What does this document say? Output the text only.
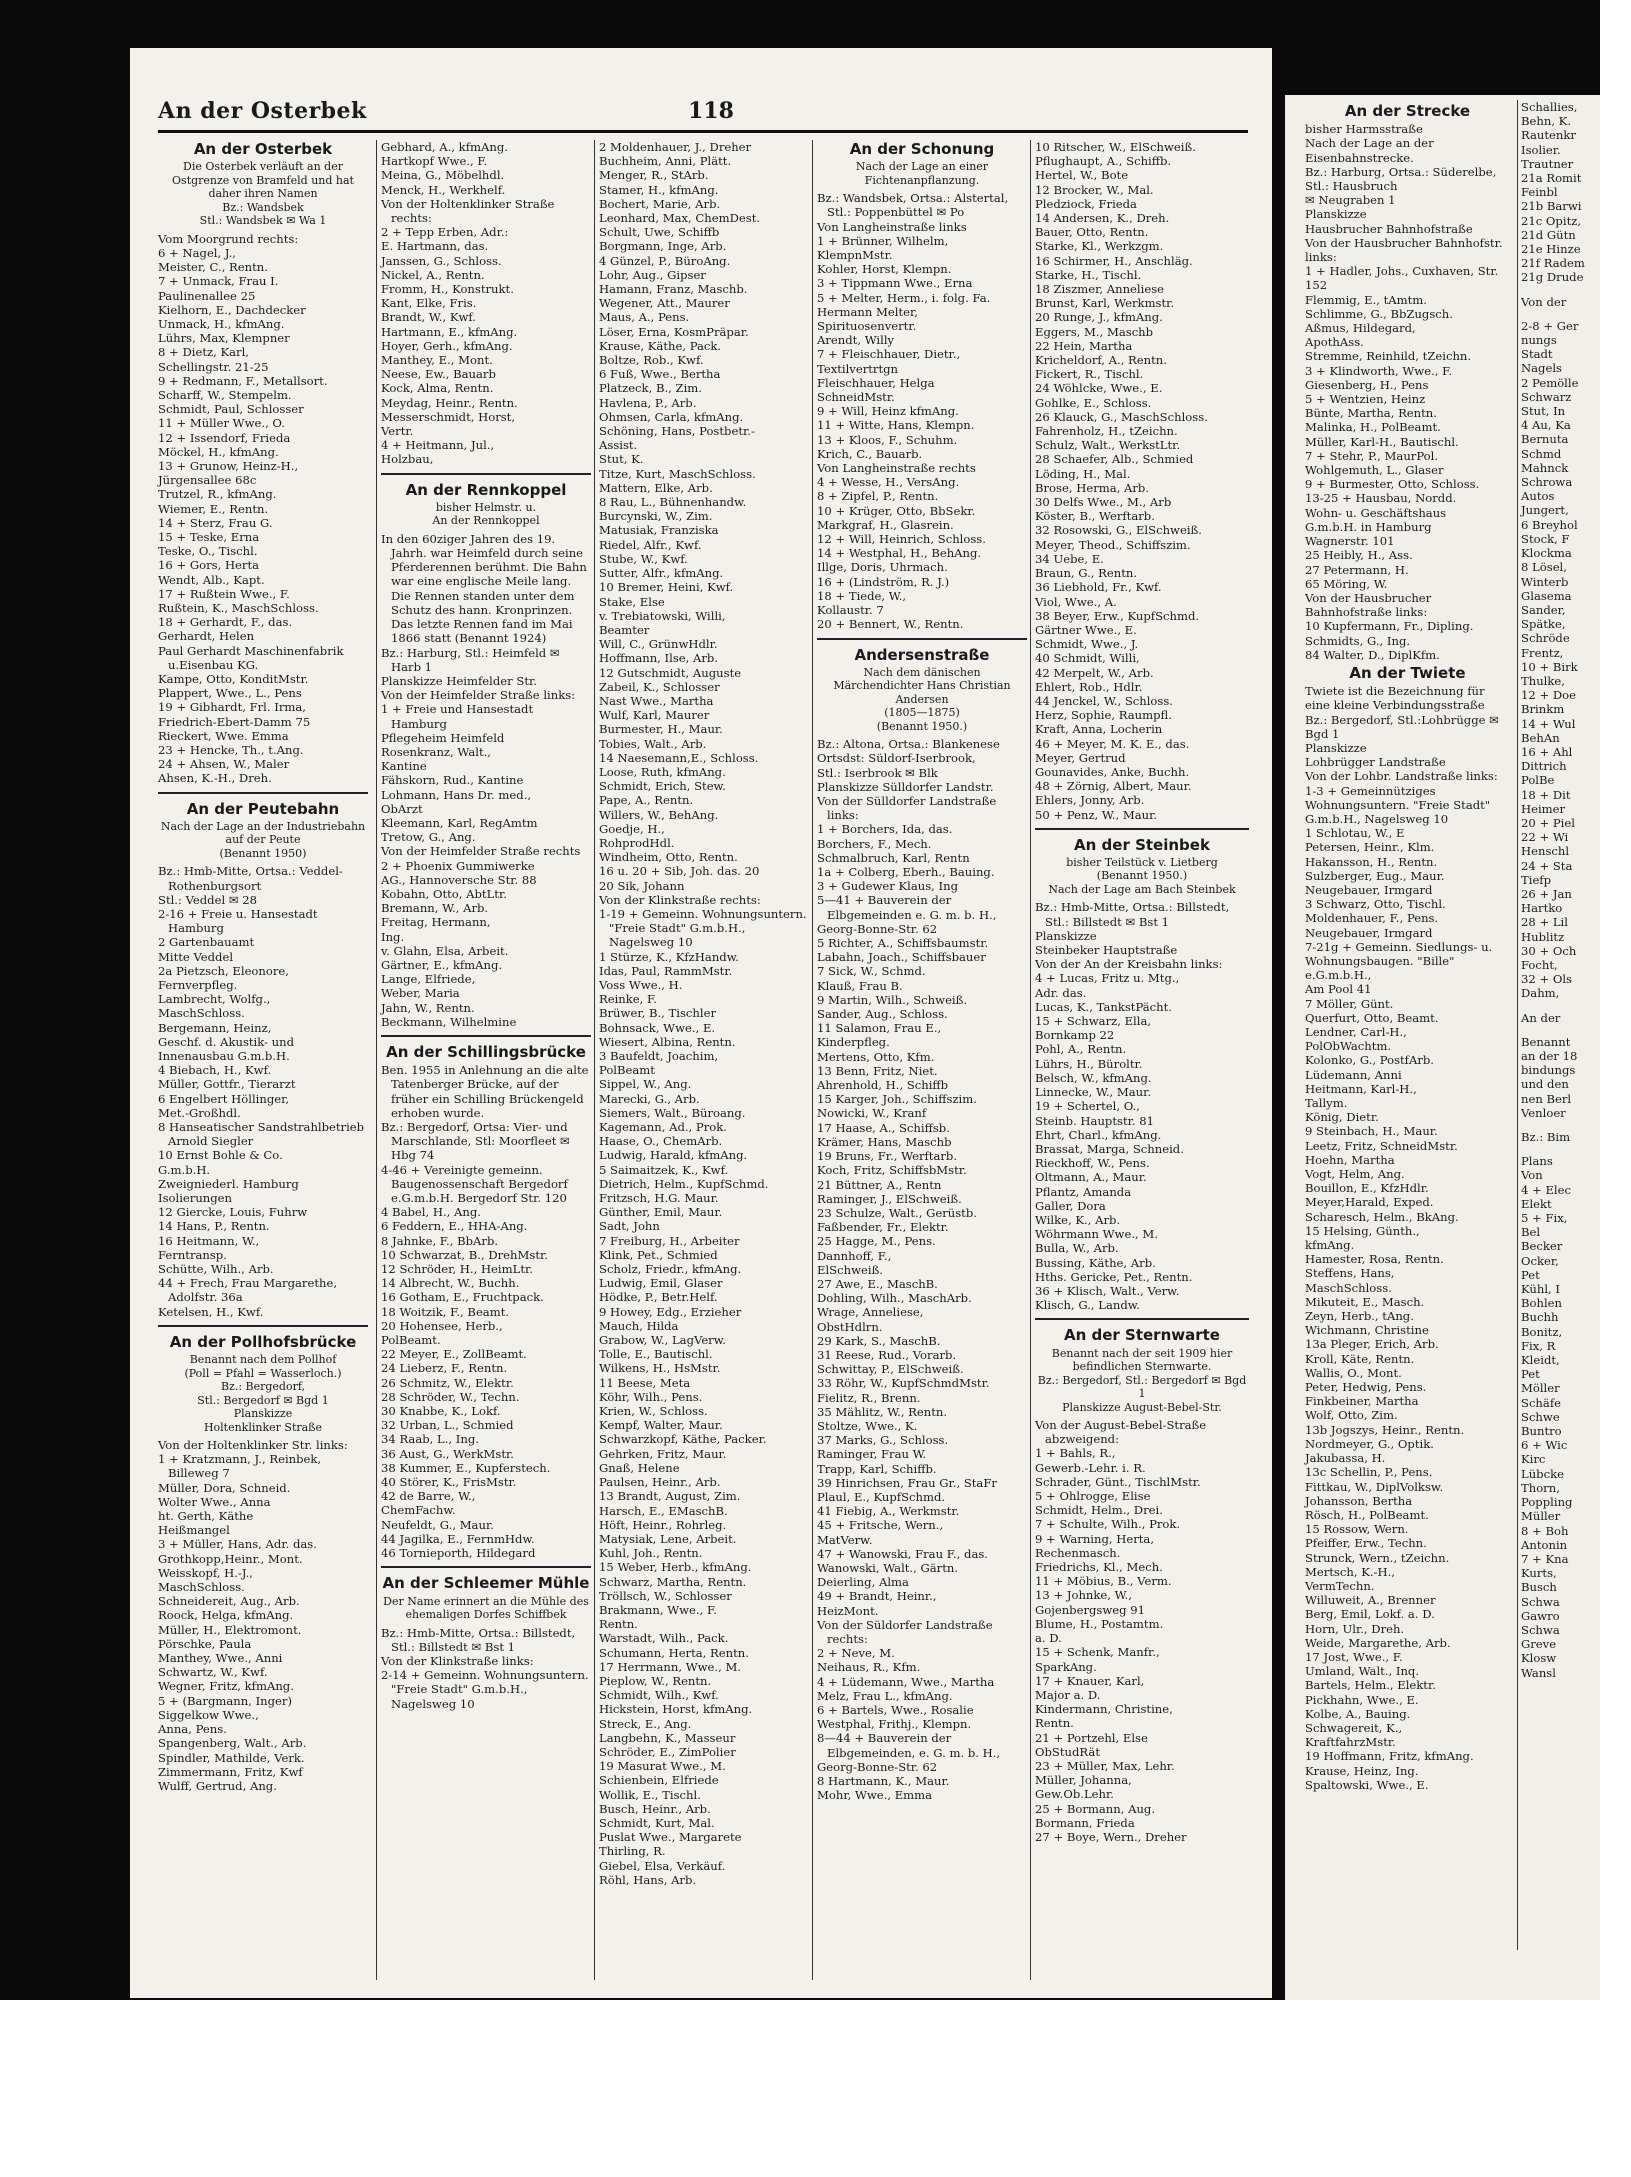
An der Osterbek	118
An der Osterbek
Die Osterbek verläuft an der Ostgrenze von Bramfeld und hat daher ihren Namen
Bz.: Wandsbek
Stl.: Wandsbek ✉ Wa 1
Vom Moorgrund rechts:
6 + Nagel, J.,
Meister, C., Rentn.
7 + Unmack, Frau I.
Paulinenallee 25
Kielhorn, E., Dachdecker
Unmack, H., kfmAng.
Lührs, Max, Klempner
8 + Dietz, Karl,
Schellingstr. 21-25
9 + Redmann, F., Metallsort.
Scharff, W., Stempelm.
Schmidt, Paul, Schlosser
11 + Müller Wwe., O.
12 + Issendorf, Frieda
Möckel, H., kfmAng.
13 + Grunow, Heinz-H.,
Jürgensallee 68c
Trutzel, R., kfmAng.
Wiemer, E., Rentn.
14 + Sterz, Frau G.
15 + Teske, Erna
Teske, O., Tischl.
16 + Gors, Herta
Wendt, Alb., Kapt.
17 + Rußtein Wwe., F.
Rußtein, K., MaschSchloss.
18 + Gerhardt, F., das.
Gerhardt, Helen
Paul Gerhardt Maschinenfabrik u.Eisenbau KG.
Kampe, Otto, KonditMstr.
Plappert, Wwe., L., Pens
19 + Gibhardt, Frl. Irma,
Friedrich-Ebert-Damm 75
Rieckert, Wwe. Emma
23 + Hencke, Th., t.Ang.
24 + Ahsen, W., Maler
Ahsen, K.-H., Dreh.
An der Peutebahn
Nach der Lage an der Industriebahn auf der Peute
(Benannt 1950)
Bz.: Hmb-Mitte, Ortsa.: Veddel-Rothenburgsort
Stl.: Veddel ✉ 28
2-16 + Freie u. Hansestadt Hamburg
2 Gartenbauamt
Mitte Veddel
2a Pietzsch, Eleonore,
Fernverpfleg.
Lambrecht, Wolfg.,
MaschSchloss.
Bergemann, Heinz,
Geschf. d. Akustik- und
Innenausbau G.m.b.H.
4 Biebach, H., Kwf.
Müller, Gottfr., Tierarzt
6 Engelbert Höllinger,
Met.-Großhdl.
8 Hanseatischer Sandstrahlbetrieb Arnold Siegler
10 Ernst Bohle & Co.
G.m.b.H.
Zweigniederl. Hamburg
Isolierungen
12 Giercke, Louis, Fuhrw
14 Hans, P., Rentn.
16 Heitmann, W.,
Ferntransp.
Schütte, Wilh., Arb.
44 + Frech, Frau Margarethe, Adolfstr. 36a
Ketelsen, H., Kwf.
An der Pollhofsbrücke
Benannt nach dem Pollhof
(Poll = Pfahl = Wasserloch.)
Bz.: Bergedorf,
Stl.: Bergedorf ✉ Bgd 1
Planskizze
Holtenklinker Straße
Von der Holtenklinker Str. links:
1 + Kratzmann, J., Reinbek, Billeweg 7
Müller, Dora, Schneid.
Wolter Wwe., Anna
ht. Gerth, Käthe
Heißmangel
3 + Müller, Hans, Adr. das.
Grothkopp,Heinr., Mont.
Weisskopf, H.-J.,
MaschSchloss.
Schneidereit, Aug., Arb.
Roock, Helga, kfmAng.
Müller, H., Elektromont.
Pörschke, Paula
Manthey, Wwe., Anni
Schwartz, W., Kwf.
Wegner, Fritz, kfmAng.
5 + (Bargmann, Inger)
Siggelkow Wwe.,
Anna, Pens.
Spangenberg, Walt., Arb.
Spindler, Mathilde, Verk.
Zimmermann, Fritz, Kwf
Wulff, Gertrud, Ang.
Gebhard, A., kfmAng.
Hartkopf Wwe., F.
Meina, G., Möbelhdl.
Menck, H., Werkhelf.
Von der Holtenklinker Straße rechts:
2 + Tepp Erben, Adr.:
E. Hartmann, das.
Janssen, G., Schloss.
Nickel, A., Rentn.
Fromm, H., Konstrukt.
Kant, Elke, Fris.
Brandt, W., Kwf.
Hartmann, E., kfmAng.
Hoyer, Gerh., kfmAng.
Manthey, E., Mont.
Neese, Ew., Bauarb
Kock, Alma, Rentn.
Meydag, Heinr., Rentn.
Messerschmidt, Horst,
Vertr.
4 + Heitmann, Jul.,
Holzbau,
An der Rennkoppel
bisher Helmstr. u.
An der Rennkoppel
In den 60ziger Jahren des 19. Jahrh. war Heimfeld durch seine Pferderennen berühmt. Die Bahn war eine englische Meile lang. Die Rennen standen unter dem Schutz des hann. Kronprinzen. Das letzte Rennen fand im Mai 1866 statt (Benannt 1924)
Bz.: Harburg, Stl.: Heimfeld ✉ Harb 1
Planskizze Heimfelder Str.
Von der Heimfelder Straße links:
1 + Freie und Hansestadt Hamburg
Pflegeheim Heimfeld
Rosenkranz, Walt.,
Kantine
Fähskorn, Rud., Kantine
Lohmann, Hans Dr. med.,
ObArzt
Kleemann, Karl, RegAmtm
Tretow, G., Ang.
Von der Heimfelder Straße rechts
2 + Phoenix Gummiwerke
AG., Hannoversche Str. 88
Kobahn, Otto, AbtLtr.
Bremann, W., Arb.
Freitag, Hermann,
Ing.
v. Glahn, Elsa, Arbeit.
Gärtner, E., kfmAng.
Lange, Elfriede,
Weber, Maria
Jahn, W., Rentn.
Beckmann, Wilhelmine
An der Schillingsbrücke
Ben. 1955 in Anlehnung an die alte Tatenberger Brücke, auf der früher ein Schilling Brückengeld erhoben wurde.
Bz.: Bergedorf, Ortsa: Vier- und Marschlande, Stl: Moorfleet ✉ Hbg 74
4-46 + Vereinigte gemeinn. Baugenossenschaft Bergedorf e.G.m.b.H. Bergedorf Str. 120
4 Babel, H., Ang.
6 Feddern, E., HHA-Ang.
8 Jahnke, F., BbArb.
10 Schwarzat, B., DrehMstr.
12 Schröder, H., HeimLtr.
14 Albrecht, W., Buchh.
16 Gotham, E., Fruchtpack.
18 Woitzik, F., Beamt.
20 Hohensee, Herb.,
PolBeamt.
22 Meyer, E., ZollBeamt.
24 Lieberz, F., Rentn.
26 Schmitz, W., Elektr.
28 Schröder, W., Techn.
30 Knabbe, K., Lokf.
32 Urban, L., Schmied
34 Raab, L., Ing.
36 Aust, G., WerkMstr.
38 Kummer, E., Kupferstech.
40 Störer, K., FrisMstr.
42 de Barre, W.,
ChemFachw.
Neufeldt, G., Maur.
44 Jagilka, E., FernmHdw.
46 Tornieporth, Hildegard
An der Schleemer Mühle
Der Name erinnert an die Mühle des ehemaligen Dorfes Schiffbek
Bz.: Hmb-Mitte, Ortsa.: Billstedt, Stl.: Billstedt ✉ Bst 1
Von der Klinkstraße links:
2-14 + Gemeinn. Wohnungsuntern. "Freie Stadt" G.m.b.H., Nagelsweg 10
2 Moldenhauer, J., Dreher
Buchheim, Anni, Plätt.
Menger, R., StArb.
Stamer, H., kfmAng.
Bochert, Marie, Arb.
Leonhard, Max, ChemDest.
Schult, Uwe, Schiffb
Borgmann, Inge, Arb.
4 Günzel, P., BüroAng.
Lohr, Aug., Gipser
Hamann, Franz, Maschb.
Wegener, Att., Maurer
Maus, A., Pens.
Löser, Erna, KosmPräpar.
Krause, Käthe, Pack.
Boltze, Rob., Kwf.
6 Fuß, Wwe., Bertha
Platzeck, B., Zim.
Havlena, P., Arb.
Ohmsen, Carla, kfmAng.
Schöning, Hans, Postbetr.-
Assist.
Stut, K.
Titze, Kurt, MaschSchloss.
Mattern, Elke, Arb.
8 Rau, L., Bühnenhandw.
Burcynski, W., Zim.
Matusiak, Franziska
Riedel, Alfr., Kwf.
Stube, W., Kwf.
Sutter, Alfr., kfmAng.
10 Bremer, Heini, Kwf.
Stake, Else
v. Trebiatowski, Willi,
Beamter
Will, C., GrünwHdlr.
Hoffmann, Ilse, Arb.
12 Gutschmidt, Auguste
Zabeil, K., Schlosser
Nast Wwe., Martha
Wulf, Karl, Maurer
Burmester, H., Maur.
Tobies, Walt., Arb.
14 Naesemann,E., Schloss.
Loose, Ruth, kfmAng.
Schmidt, Erich, Stew.
Pape, A., Rentn.
Willers, W., BehAng.
Goedje, H.,
RohprodHdl.
Windheim, Otto, Rentn.
16 u. 20 + Sib, Joh. das. 20
20 Sik, Johann
Von der Klinkstraße rechts:
1-19 + Gemeinn. Wohnungsuntern. "Freie Stadt" G.m.b.H., Nagelsweg 10
1 Stürze, K., KfzHandw.
Idas, Paul, RammMstr.
Voss Wwe., H.
Reinke, F.
Brüwer, B., Tischler
Bohnsack, Wwe., E.
Wiesert, Albina, Rentn.
3 Baufeldt, Joachim,
PolBeamt
Sippel, W., Ang.
Marecki, G., Arb.
Siemers, Walt., Büroang.
Kagemann, Ad., Prok.
Haase, O., ChemArb.
Ludwig, Harald, kfmAng.
5 Saimaitzek, K., Kwf.
Dietrich, Helm., KupfSchmd.
Fritzsch, H.G. Maur.
Günther, Emil, Maur.
Sadt, John
7 Freiburg, H., Arbeiter
Klink, Pet., Schmied
Scholz, Friedr., kfmAng.
Ludwig, Emil, Glaser
Hödke, P., Betr.Helf.
9 Howey, Edg., Erzieher
Mauch, Hilda
Grabow, W., LagVerw.
Tolle, E., Bautischl.
Wilkens, H., HsMstr.
11 Beese, Meta
Köhr, Wilh., Pens.
Krien, W., Schloss.
Kempf, Walter, Maur.
Schwarzkopf, Käthe, Packer.
Gehrken, Fritz, Maur.
Gnaß, Helene
Paulsen, Heinr., Arb.
13 Brandt, August, Zim.
Harsch, E., EMaschB.
Höft, Heinr., Rohrleg.
Matysiak, Lene, Arbeit.
Kuhl, Joh., Rentn.
15 Weber, Herb., kfmAng.
Schwarz, Martha, Rentn.
Tröllsch, W., Schlosser
Brakmann, Wwe., F.
Rentn.
Warstadt, Wilh., Pack.
Schumann, Herta, Rentn.
17 Herrmann, Wwe., M.
Pieplow, W., Rentn.
Schmidt, Wilh., Kwf.
Hickstein, Horst, kfmAng.
Streck, E., Ang.
Langbehn, K., Masseur
Schröder, E., ZimPolier
19 Masurat Wwe., M.
Schienbein, Elfriede
Wollik, E., Tischl.
Busch, Heinr., Arb.
Schmidt, Kurt, Mal.
Puslat Wwe., Margarete
Thirling, R.
Giebel, Elsa, Verkäuf.
Röhl, Hans, Arb.
An der Schonung
Nach der Lage an einer Fichtenanpflanzung.
Bz.: Wandsbek, Ortsa.: Alstertal, Stl.: Poppenbüttel ✉ Po
Von Langheinstraße links
1 + Brünner, Wilhelm,
KlempnMstr.
Kohler, Horst, Klempn.
3 + Tippmann Wwe., Erna
5 + Melter, Herm., i. folg. Fa.
Hermann Melter,
Spirituosenvertr.
Arendt, Willy
7 + Fleischhauer, Dietr.,
Textilvertrtgn
Fleischhauer, Helga
SchneidMstr.
9 + Will, Heinz kfmAng.
11 + Witte, Hans, Klempn.
13 + Kloos, F., Schuhm.
Krich, C., Bauarb.
Von Langheinstraße rechts
4 + Wesse, H., VersAng.
8 + Zipfel, P., Rentn.
10 + Krüger, Otto, BbSekr.
Markgraf, H., Glasrein.
12 + Will, Heinrich, Schloss.
14 + Westphal, H., BehAng.
Illge, Doris, Uhrmach.
16 + (Lindström, R. J.)
18 + Tiede, W.,
Kollaustr. 7
20 + Bennert, W., Rentn.
Andersenstraße
Nach dem dänischen Märchendichter Hans Christian Andersen
(1805—1875)
(Benannt 1950.)
Bz.: Altona, Ortsa.: Blankenese
Ortsdst: Süldorf-Iserbrook,
Stl.: Iserbrook ✉ Blk
Planskizze Sülldorfer Landstr.
Von der Sülldorfer Landstraße links:
1 + Borchers, Ida, das.
Borchers, F., Mech.
Schmalbruch, Karl, Rentn
1a + Colberg, Eberh., Bauing.
3 + Gudewer Klaus, Ing
5—41 + Bauverein der Elbgemeinden e. G. m. b. H.,
Georg-Bonne-Str. 62
5 Richter, A., Schiffsbaumstr.
Labahn, Joach., Schiffsbauer
7 Sick, W., Schmd.
Klauß, Frau B.
9 Martin, Wilh., Schweiß.
Sander, Aug., Schloss.
11 Salamon, Frau E.,
Kinderpfleg.
Mertens, Otto, Kfm.
13 Benn, Fritz, Niet.
Ahrenhold, H., Schiffb
15 Karger, Joh., Schiffszim.
Nowicki, W., Kranf
17 Haase, A., Schiffsb.
Krämer, Hans, Maschb
19 Bruns, Fr., Werftarb.
Koch, Fritz, SchiffsbMstr.
21 Büttner, A., Rentn
Raminger, J., ElSchweiß.
23 Schulze, Walt., Gerüstb.
Faßbender, Fr., Elektr.
25 Hagge, M., Pens.
Dannhoff, F.,
ElSchweiß.
27 Awe, E., MaschB.
Dohling, Wilh., MaschArb.
Wrage, Anneliese,
ObstHdlrn.
29 Kark, S., MaschB.
31 Reese, Rud., Vorarb.
Schwittay, P., ElSchweiß.
33 Röhr, W., KupfSchmdMstr.
Fielitz, R., Brenn.
35 Mählitz, W., Rentn.
Stoltze, Wwe., K.
37 Marks, G., Schloss.
Raminger, Frau W.
Trapp, Karl, Schiffb.
39 Hinrichsen, Frau Gr., StaFr
Plaul, E., KupfSchmd.
41 Fiebig, A., Werkmstr.
45 + Fritsche, Wern.,
MatVerw.
47 + Wanowski, Frau F., das.
Wanowski, Walt., Gärtn.
Deierling, Alma
49 + Brandt, Heinr.,
HeizMont.
Von der Süldorfer Landstraße rechts:
2 + Neve, M.
Neihaus, R., Kfm.
4 + Lüdemann, Wwe., Martha
Melz, Frau L., kfmAng.
6 + Bartels, Wwe., Rosalie
Westphal, Frithj., Klempn.
8—44 + Bauverein der Elbgemeinden, e. G. m. b. H.,
Georg-Bonne-Str. 62
8 Hartmann, K., Maur.
Mohr, Wwe., Emma
10 Ritscher, W., ElSchweiß.
Pflughaupt, A., Schiffb.
Hertel, W., Bote
12 Brocker, W., Mal.
Pledziock, Frieda
14 Andersen, K., Dreh.
Bauer, Otto, Rentn.
Starke, Kl., Werkzgm.
16 Schirmer, H., Anschläg.
Starke, H., Tischl.
18 Ziszmer, Anneliese
Brunst, Karl, Werkmstr.
20 Runge, J., kfmAng.
Eggers, M., Maschb
22 Hein, Martha
Kricheldorf, A., Rentn.
Fickert, R., Tischl.
24 Wöhlcke, Wwe., E.
Gohlke, E., Schloss.
26 Klauck, G., MaschSchloss.
Fahrenholz, H., tZeichn.
Schulz, Walt., WerkstLtr.
28 Schaefer, Alb., Schmied
Löding, H., Mal.
Brose, Herma, Arb.
30 Delfs Wwe., M., Arb
Köster, B., Werftarb.
32 Rosowski, G., ElSchweiß.
Meyer, Theod., Schiffszim.
34 Uebe, E.
Braun, G., Rentn.
36 Liebhold, Fr., Kwf.
Viol, Wwe., A.
38 Beyer, Erw., KupfSchmd.
Gärtner Wwe., E.
Schmidt, Wwe., J.
40 Schmidt, Willi,
42 Merpelt, W., Arb.
Ehlert, Rob., Hdlr.
44 Jenckel, W., Schloss.
Herz, Sophie, Raumpfl.
Kraft, Anna, Locherin
46 + Meyer, M. K. E., das.
Meyer, Gertrud
Gounavides, Anke, Buchh.
48 + Zörnig, Albert, Maur.
Ehlers, Jonny, Arb.
50 + Penz, W., Maur.
An der Steinbek
bisher Teilstück v. Lietberg
(Benannt 1950.)
Nach der Lage am Bach Steinbek
Bz.: Hmb-Mitte, Ortsa.: Billstedt, Stl.: Billstedt ✉ Bst 1
Planskizze
Steinbeker Hauptstraße
Von der An der Kreisbahn links:
4 + Lucas, Fritz u. Mtg.,
Adr. das.
Lucas, K., TankstPächt.
15 + Schwarz, Ella,
Bornkamp 22
Pohl, A., Rentn.
Lührs, H., Büroltr.
Belsch, W., kfmAng.
Linnecke, W., Maur.
19 + Schertel, O.,
Steinb. Hauptstr. 81
Ehrt, Charl., kfmAng.
Brassat, Marga, Schneid.
Rieckhoff, W., Pens.
Oltmann, A., Maur.
Pflantz, Amanda
Galler, Dora
Wilke, K., Arb.
Wöhrmann Wwe., M.
Bulla, W., Arb.
Bussing, Käthe, Arb.
Hths. Gericke, Pet., Rentn.
36 + Klisch, Walt., Verw.
Klisch, G., Landw.
An der Sternwarte
Benannt nach der seit 1909 hier befindlichen Sternwarte.
Bz.: Bergedorf, Stl.: Bergedorf ✉ Bgd 1
Planskizze August-Bebel-Str.
Von der August-Bebel-Straße abzweigend:
1 + Bahls, R.,
Gewerb.-Lehr. i. R.
Schrader, Günt., TischlMstr.
5 + Ohlrogge, Elise
Schmidt, Helm., Drei.
7 + Schulte, Wilh., Prok.
9 + Warning, Herta,
Rechenmasch.
Friedrichs, Kl., Mech.
11 + Möbius, B., Verm.
13 + Johnke, W.,
Gojenbergsweg 91
Blume, H., Postamtm.
a. D.
15 + Schenk, Manfr.,
SparkAng.
17 + Knauer, Karl,
Major a. D.
Kindermann, Christine,
Rentn.
21 + Portzehl, Else
ObStudRät
23 + Müller, Max, Lehr.
Müller, Johanna,
Gew.Ob.Lehr.
25 + Bormann, Aug.
Bormann, Frieda
27 + Boye, Wern., Dreher
An der Strecke
bisher Harmsstraße
Nach der Lage an der Eisenbahnstrecke.
Bz.: Harburg, Ortsa.: Süderelbe, Stl.: Hausbruch
✉ Neugraben 1
Planskizze
Hausbrucher Bahnhofstraße
Von der Hausbrucher Bahnhofstr. links:
1 + Hadler, Johs., Cuxhaven, Str. 152
Flemmig, E., tAmtm.
Schlimme, G., BbZugsch.
Aßmus, Hildegard,
ApothAss.
Stremme, Reinhild, tZeichn.
3 + Klindworth, Wwe., F.
Giesenberg, H., Pens
5 + Wentzien, Heinz
Bünte, Martha, Rentn.
Malinka, H., PolBeamt.
Müller, Karl-H., Bautischl.
7 + Stehr, P., MaurPol.
Wohlgemuth, L., Glaser
9 + Burmester, Otto, Schloss.
13-25 + Hausbau, Nordd.
Wohn- u. Geschäftshaus
G.m.b.H. in Hamburg
Wagnerstr. 101
25 Heibly, H., Ass.
27 Petermann, H.
65 Möring, W.
Von der Hausbrucher Bahnhofstraße links:
10 Kupfermann, Fr., Dipling.
Schmidts, G., Ing.
84 Walter, D., DiplKfm.
An der Twiete
Twiete ist die Bezeichnung für eine kleine Verbindungsstraße
Bz.: Bergedorf, Stl.:Lohbrügge ✉ Bgd 1
Planskizze
Lohbrügger Landstraße
Von der Lohbr. Landstraße links:
1-3 + Gemeinnütziges Wohnungsuntern. "Freie Stadt" G.m.b.H., Nagelsweg 10
1 Schlotau, W., E
Petersen, Heinr., Klm.
Hakansson, H., Rentn.
Sulzberger, Eug., Maur.
Neugebauer, Irmgard
3 Schwarz, Otto, Tischl.
Moldenhauer, F., Pens.
Neugebauer, Irmgard
7-21g + Gemeinn. Siedlungs- u. Wohnungsbaugen. "Bille" e.G.m.b.H.,
Am Pool 41
7 Möller, Günt.
Querfurt, Otto, Beamt.
Lendner, Carl-H.,
PolObWachtm.
Kolonko, G., PostfArb.
Lüdemann, Anni
Heitmann, Karl-H.,
Tallym.
König, Dietr.
9 Steinbach, H., Maur.
Leetz, Fritz, SchneidMstr.
Hoehn, Martha
Vogt, Helm, Ang.
Bouillon, E., KfzHdlr.
Meyer,Harald, Exped.
Scharesch, Helm., BkAng.
15 Helsing, Günth.,
kfmAng.
Hamester, Rosa, Rentn.
Steffens, Hans,
MaschSchloss.
Mikuteit, E., Masch.
Zeyn, Herb., tAng.
Wichmann, Christine
13a Pleger, Erich, Arb.
Kroll, Käte, Rentn.
Wallis, O., Mont.
Peter, Hedwig, Pens.
Finkbeiner, Martha
Wolf, Otto, Zim.
13b Jogszys, Heinr., Rentn.
Nordmeyer, G., Optik.
Jakubassa, H.
13c Schellin, P., Pens.
Fittkau, W., DiplVolksw.
Johansson, Bertha
Rösch, H., PolBeamt.
15 Rossow, Wern.
Pfeiffer, Erw., Techn.
Strunck, Wern., tZeichn.
Mertsch, K.-H.,
VermTechn.
Willuweit, A., Brenner
Berg, Emil, Lokf. a. D.
Horn, Ulr., Dreh.
Weide, Margarethe, Arb.
17 Jost, Wwe., F.
Umland, Walt., Inq.
Bartels, Helm., Elektr.
Pickhahn, Wwe., E.
Kolbe, A., Bauing.
Schwagereit, K.,
KraftfahrzMstr.
19 Hoffmann, Fritz, kfmAng.
Krause, Heinz, Ing.
Spaltowski, Wwe., E.
Schallies,
Behn, K.
Rautenkr
Isolier.
Trautner
21a Romit
Feinbl
21b Barwi
21c Opitz,
21d Gütn
21e Hinze
21f Radem
21g Drude
Von der
2-8 + Ger
nungs
Stadt
Nagels
2 Pemölle
Schwarz
Stut, In
4 Au, Ka
Bernuta
Schmd
Mahnck
Schrowa
Autos
Jungert,
6 Breyhol
Stock, F
Klockma
8 Lösel,
Winterb
Glasema
Sander,
Spätke,
Schröde
Frentz,
10 + Birk
Thulke,
12 + Doe
Brinkm
14 + Wul
BehAn
16 + Ahl
Dittrich
PolBe
18 + Dit
Heimer
20 + Piel
22 + Wi
Henschl
24 + Sta
Tiefp
26 + Jan
Hartko
28 + Lil
Hublitz
30 + Och
Focht,
32 + Ols
Dahm,
An der
Benannt
an der 18
bindungs
und den
nen Berl
Venloer
Bz.: Bim
Plans
Von
4 + Elec
Elekt
5 + Fix,
Bel
Becker
Ocker,
Pet
Kühl, I
Bohlen
Buchh
Bonitz,
Fix, R
Kleidt,
Pet
Möller
Schäfe
Schwe
Buntro
6 + Wic
Kirc
Lübcke
Thorn,
Poppling
Müller
8 + Boh
Antonin
7 + Kna
Kurts,
Busch
Schwa
Gawro
Schwa
Greve
Klosw
Wansl
